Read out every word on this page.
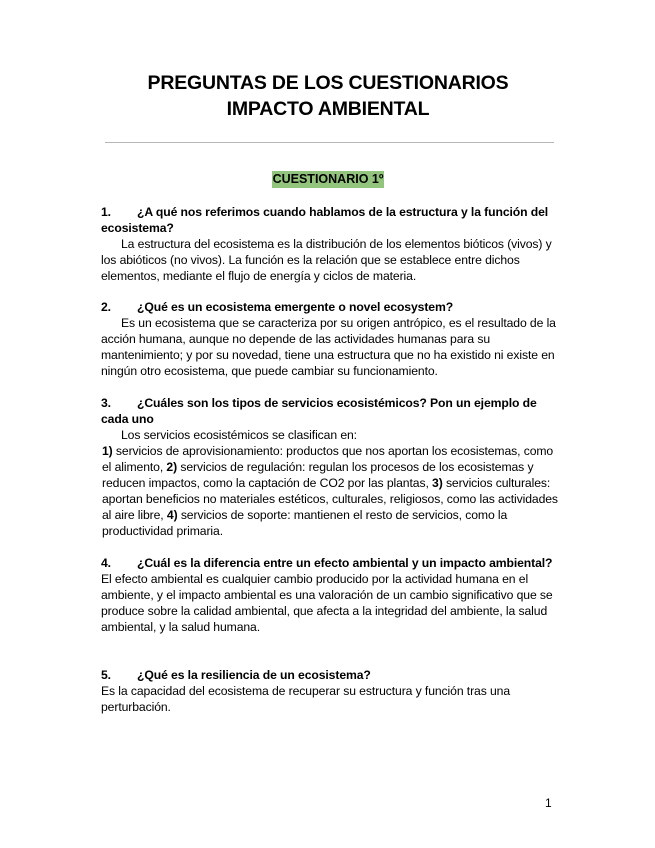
PREGUNTAS DE LOS CUESTIONARIOS
IMPACTO AMBIENTAL
CUESTIONARIO 1º

1. ¿A qué nos referimos cuando hablamos de la estructura y la función del ecosistema?

La estructura del ecosistema es la distribución de los elementos bióticos (vivos) y los abióticos (no vivos). La función es la relación que se establece entre dichos elementos, mediante el flujo de energía y ciclos de materia.

2. ¿Qué es un ecosistema emergente o novel ecosystem?

Es un ecosistema que se caracteriza por su origen antrópico, es el resultado de la acción humana, aunque no depende de las actividades humanas para su mantenimiento; y por su novedad, tiene una estructura que no ha existido ni existe en ningún otro ecosistema, que puede cambiar su funcionamiento.

3. ¿Cuáles son los tipos de servicios ecosistémicos? Pon un ejemplo de cada uno

Los servicios ecosistémicos se clasifican en:

1) servicios de aprovisionamiento: productos que nos aportan los ecosistemas, como el alimento, 2) servicios de regulación: regulan los procesos de los ecosistemas y reducen impactos, como la captación de CO2 por las plantas, 3) servicios culturales: aportan beneficios no materiales estéticos, culturales, religiosos, como las actividades al aire libre, 4) servicios de soporte: mantienen el resto de servicios, como la productividad primaria.

4. ¿Cuál es la diferencia entre un efecto ambiental y un impacto ambiental?

El efecto ambiental es cualquier cambio producido por la actividad humana en el ambiente, y el impacto ambiental es una valoración de un cambio significativo que se produce sobre la calidad ambiental, que afecta a la integridad del ambiente, la salud ambiental, y la salud humana.

5. ¿Qué es la resiliencia de un ecosistema?

Es la capacidad del ecosistema de recuperar su estructura y función tras una perturbación.

1
